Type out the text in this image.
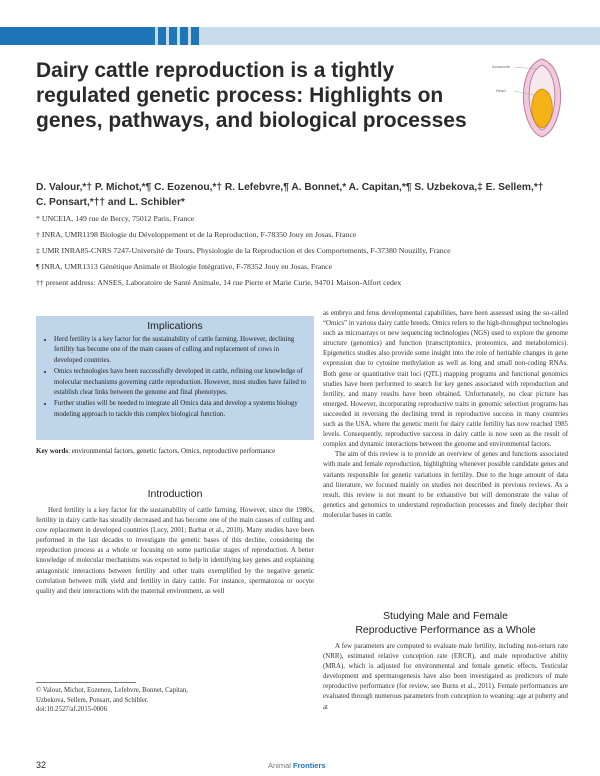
Dairy cattle reproduction is a tightly regulated genetic process: Highlights on genes, pathways, and biological processes
Acrosome
Head
D. Valour,*† P. Michot,*¶ C. Eozenou,*† R. Lefebvre,¶ A. Bonnet,* A. Capitan,*¶ S. Uzbekova,‡ E. Sellem,*† C. Ponsart,*†† and L. Schibler*
* UNCEIA, 149 rue de Bercy, 75012 Paris, France
† INRA, UMR1198 Biologie du Développement et de la Reproduction, F-78350 Jouy en Josas, France
‡ UMR INRA85-CNRS 7247-Université de Tours, Physiologie de la Reproduction et des Comportements, F-37380 Nouzilly, France
¶ INRA, UMR1313 Génétique Animale et Biologie Intégrative, F-78352 Jouy en Josas, France
†† present address: ANSES, Laboratoire de Santé Animale, 14 rue Pierre et Marie Curie, 94701 Maison-Alfort cedex
Implications
• Herd fertility is a key factor for the sustainability of cattle farming. However, declining fertility has become one of the main causes of culling and replacement of cows in developed countries.
• Omics technologies have been successfully developed in cattle, refining our knowledge of molecular mechanisms governing cattle reproduction. However, most studies have failed to establish clear links between the genome and final phenotypes.
• Further studies will be needed to integrate all Omics data and develop a systems biology modeling approach to tackle this complex biological function.
Key words: environmental factors, genetic factors, Omics, reproductive performance
Introduction

Herd fertility is a key factor for the sustainability of cattle farming. However, since the 1980s, fertility in dairy cattle has steadily decreased and has become one of the main causes of culling and cow replacement in developed countries (Lucy, 2001; Barbat et al., 2010). Many studies have been performed in the last decades to investigate the genetic bases of this decline, considering the reproduction process as a whole or focusing on some particular stages of reproduction. A better knowledge of molecular mechanisms was expected to help in identifying key genes and explaining antagonistic interactions between fertility and other traits exemplified by the negative genetic correlation between milk yield and fertility in dairy cattle. For instance, spermatozoa or oocyte quality and their interactions with the maternal environment, as well

as embryo and fetus developmental capabilities, have been assessed using the so-called “Omics” in various dairy cattle breeds. Omics refers to the high-throughput technologies such as microarrays or new sequencing technologies (NGS) used to explore the genome structure (genomics) and function (transcriptomics, proteomics, and metabolomics). Epigenetics studies also provide some insight into the role of heritable changes in gene expression due to cytosine methylation as well as long and small non-coding RNAs. Both gene or quantitative trait loci (QTL) mapping programs and functional genomics studies have been performed to search for key genes associated with reproduction and fertility, and many results have been obtained. Unfortunately, no clear picture has emerged. However, incorporating reproductive traits in genomic selection programs has succeeded in reversing the declining trend in reproductive success in many countries such as the USA, where the genetic merit for dairy cattle fertility has now reached 1985 levels. Consequently, reproductive success in dairy cattle is now seen as the result of complex and dynamic interactions between the genome and environmental factors.

The aim of this review is to provide an overview of genes and functions associated with male and female reproduction, highlighting whenever possible candidate genes and variants responsible for genetic variations in fertility. Due to the huge amount of data and literature, we focused mainly on studies not described in previous reviews. As a result, this review is not meant to be exhaustive but will demonstrate the value of genetics and genomics to understand reproduction processes and finely decipher their molecular bases in cattle.

Studying Male and Female
Reproductive Performance as a Whole

A few parameters are computed to evaluate male fertility, including non-return rate (NRR), estimated relative conception rate (ERCR), and male reproductive ability (MRA), which is adjusted for environmental and female genetic effects. Testicular development and spermatogenesis have also been investigated as predictors of male reproductive performance (for review, see Burns et al., 2011). Female performances are evaluated through numerous parameters from conception to weaning: age at puberty and at

© Valour, Michot, Eozenou, Lefebvre, Bonnet, Capitan,
Uzbekova, Sellem, Ponsart, and Schibler.
doi:10.2527/af.2015-0006
32	Animal Frontiers
